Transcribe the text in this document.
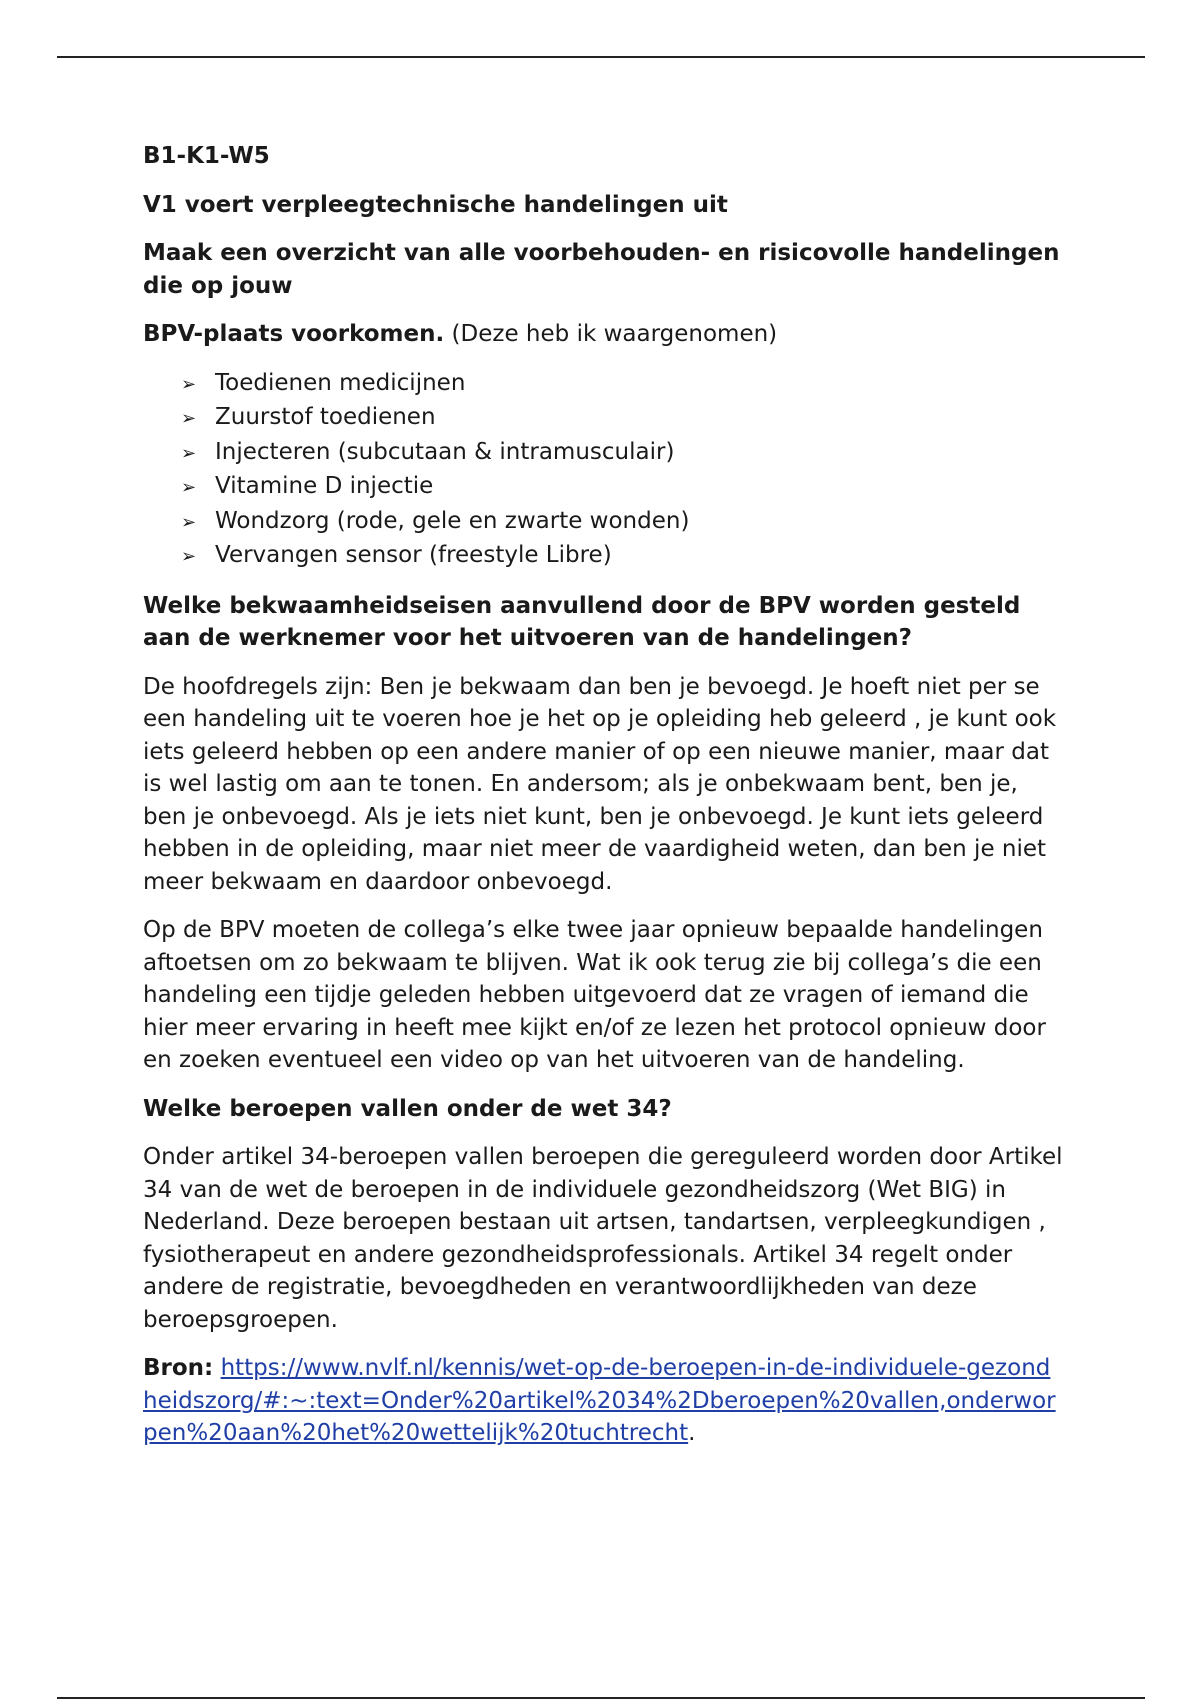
B1-K1-W5
V1 voert verpleegtechnische handelingen uit
Maak een overzicht van alle voorbehouden- en risicovolle handelingen die op jouw

BPV-plaats voorkomen. (Deze heb ik waargenomen)

➢ Toedienen medicijnen
➢ Zuurstof toedienen
➢ Injecteren (subcutaan & intramusculair)
➢ Vitamine D injectie
➢ Wondzorg (rode, gele en zwarte wonden)
➢ Vervangen sensor (freestyle Libre)
Welke bekwaamheidseisen aanvullend door de BPV worden gesteld aan de werknemer voor het uitvoeren van de handelingen?

De hoofdregels zijn: Ben je bekwaam dan ben je bevoegd. Je hoeft niet per se een handeling uit te voeren hoe je het op je opleiding heb geleerd , je kunt ook iets geleerd hebben op een andere manier of op een nieuwe manier, maar dat is wel lastig om aan te tonen. En andersom; als je onbekwaam bent, ben je, ben je onbevoegd. Als je iets niet kunt, ben je onbevoegd. Je kunt iets geleerd hebben in de opleiding, maar niet meer de vaardigheid weten, dan ben je niet meer bekwaam en daardoor onbevoegd.

Op de BPV moeten de collega’s elke twee jaar opnieuw bepaalde handelingen aftoetsen om zo bekwaam te blijven. Wat ik ook terug zie bij collega’s die een handeling een tijdje geleden hebben uitgevoerd dat ze vragen of iemand die hier meer ervaring in heeft mee kijkt en/of ze lezen het protocol opnieuw door en zoeken eventueel een video op van het uitvoeren van de handeling.

Welke beroepen vallen onder de wet 34?

Onder artikel 34-beroepen vallen beroepen die gereguleerd worden door Artikel 34 van de wet de beroepen in de individuele gezondheidszorg (Wet BIG) in Nederland. Deze beroepen bestaan uit artsen, tandartsen, verpleegkundigen , fysiotherapeut en andere gezondheidsprofessionals. Artikel 34 regelt onder andere de registratie, bevoegdheden en verantwoordlijkheden van deze beroepsgroepen.

Bron: https://www.nvlf.nl/kennis/wet-op-de-beroepen-in-de-individuele-gezondheidszorg/#:~:text=Onder%20artikel%2034%2Dberoepen%20vallen,onderworpen%20aan%20het%20wettelijk%20tuchtrecht.
